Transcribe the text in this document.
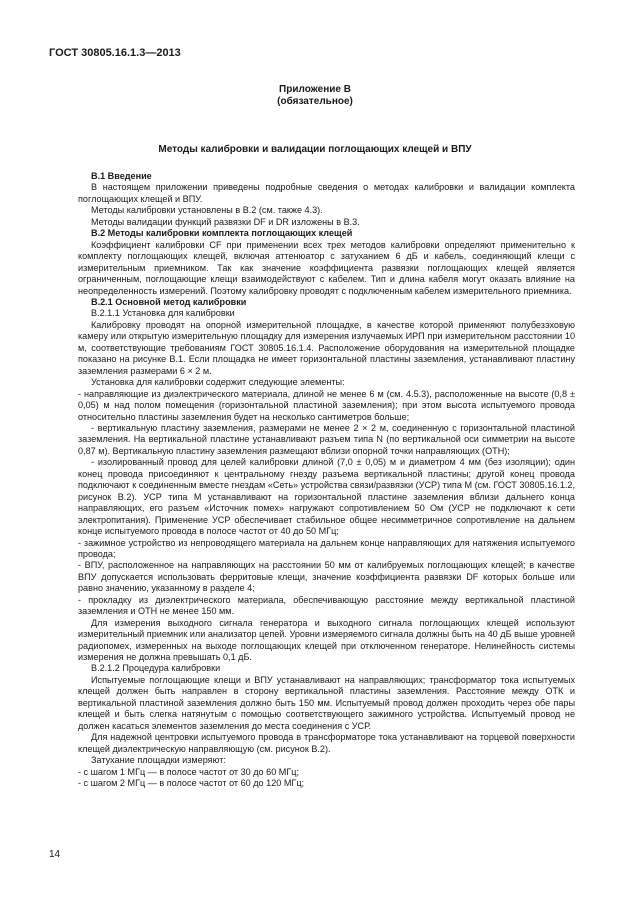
ГОСТ 30805.16.1.3—2013
Приложение В
(обязательное)
Методы калибровки и валидации поглощающих клещей и ВПУ

В.1 Введение

В настоящем приложении приведены подробные сведения о методах калибровки и валидации комплекта поглощающих клещей и ВПУ.

Методы калибровки установлены в В.2 (см. также 4.3).

Методы валидации функций развязки DF и DR изложены в В.3.

В.2 Методы калибровки комплекта поглощающих клещей

Коэффициент калибровки CF при применении всех трех методов калибровки определяют применительно к комплекту поглощающих клещей, включая аттенюатор с затуханием 6 дБ и кабель, соединяющий клещи с измерительным приемником. Так как значение коэффициента развязки поглощающих клещей является ограниченным, поглощающие клещи взаимодействуют с кабелем. Тип и длина кабеля могут оказать влияние на неопределенность измерений. Поэтому калибровку проводят с подключенным кабелем измерительного приемника.

В.2.1 Основной метод калибровки

В.2.1.1 Установка для калибровки

Калибровку проводят на опорной измерительной площадке, в качестве которой применяют полубезэховую камеру или открытую измерительную площадку для измерения излучаемых ИРП при измерительном расстоянии 10 м, соответствующие требованиям ГОСТ 30805.16.1.4. Расположение оборудования на измерительной площадке показано на рисунке В.1. Если площадка не имеет горизонтальной пластины заземления, устанавливают пластину заземления размерами 6 × 2 м.

Установка для калибровки содержит следующие элементы:

- направляющие из диэлектрического материала, длиной не менее 6 м (см. 4.5.3), расположенные на высоте (0,8 ± 0,05) м над полом помещения (горизонтальной пластиной заземления); при этом высота испытуемого провода относительно пластины заземления будет на несколько сантиметров больше;

- вертикальную пластину заземления, размерами не менее 2 × 2 м, соединенную с горизонтальной пластиной заземления. На вертикальной пластине устанавливают разъем типа N (по вертикальной оси симметрии на высоте 0,87 м). Вертикальную пластину заземления размещают вблизи опорной точки направляющих (ОТН);

- изолированный провод для целей калибровки длиной (7,0 ± 0,05) м и диаметром 4 мм (без изоляции); один конец провода присоединяют к центральному гнезду разъема вертикальной пластины; другой конец провода подключают к соединенным вместе гнездам «Сеть» устройства связи/развязки (УСР) типа М (см. ГОСТ 30805.16.1.2, рисунок В.2). УСР типа М устанавливают на горизонтальной пластине заземления вблизи дальнего конца направляющих, его разъем «Источник помех» нагружают сопротивлением 50 Ом (УСР не подключают к сети электропитания). Применение УСР обеспечивает стабильное общее несимметричное сопротивление на дальнем конце испытуемого провода в полосе частот от 40 до 50 МГц;

- зажимное устройство из непроводящего материала на дальнем конце направляющих для натяжения испытуемого провода;

- ВПУ, расположенное на направляющих на расстоянии 50 мм от калибруемых поглощающих клещей; в качестве ВПУ допускается использовать ферритовые клещи, значение коэффициента развязки DF которых больше или равно значению, указанному в разделе 4;

- прокладку из диэлектрического материала, обеспечивающую расстояние между вертикальной пластиной заземления и ОТН не менее 150 мм.

Для измерения выходного сигнала генератора и выходного сигнала поглощающих клещей используют измерительный приемник или анализатор цепей. Уровни измеряемого сигнала должны быть на 40 дБ выше уровней радиопомех, измеренных на выходе поглощающих клещей при отключенном генераторе. Нелинейность системы измерения не должна превышать 0,1 дБ.

В.2.1.2 Процедура калибровки

Испытуемые поглощающие клещи и ВПУ устанавливают на направляющих; трансформатор тока испытуемых клещей должен быть направлен в сторону вертикальной пластины заземления. Расстояние между ОТК и вертикальной пластиной заземления должно быть 150 мм. Испытуемый провод должен проходить через обе пары клещей и быть слегка натянутым с помощью соответствующего зажимного устройства. Испытуемый провод не должен касаться элементов заземления до места соединения с УСР.

Для надежной центровки испытуемого провода в трансформаторе тока устанавливают на торцевой поверхности клещей диэлектрическую направляющую (см. рисунок В.2).

Затухание площадки измеряют:

- с шагом 1 МГц — в полосе частот от 30 до 60 МГц;

- с шагом 2 МГц — в полосе частот от 60 до 120 МГц;

14
